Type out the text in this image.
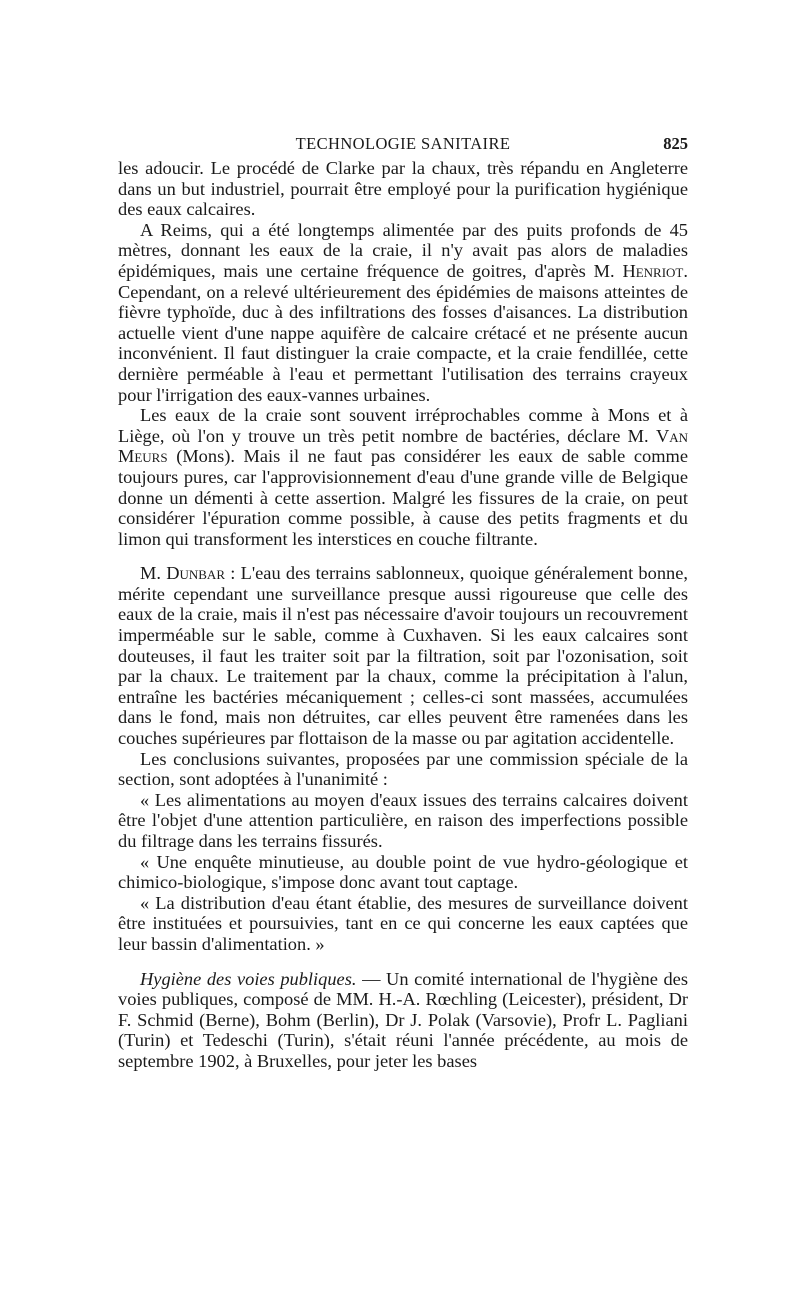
TECHNOLOGIE SANITAIRE	825

les adoucir. Le procédé de Clarke par la chaux, très répandu en Angleterre dans un but industriel, pourrait être employé pour la purification hygiénique des eaux calcaires.

A Reims, qui a été longtemps alimentée par des puits profonds de 45 mètres, donnant les eaux de la craie, il n'y avait pas alors de maladies épidémiques, mais une certaine fréquence de goitres, d'après M. Henriot. Cependant, on a relevé ultérieurement des épidémies de maisons atteintes de fièvre typhoïde, duc à des infiltrations des fosses d'aisances. La distribution actuelle vient d'une nappe aquifère de calcaire crétacé et ne présente aucun inconvénient. Il faut distinguer la craie compacte, et la craie fendillée, cette dernière perméable à l'eau et permettant l'utilisation des terrains crayeux pour l'irrigation des eaux-vannes urbaines.

Les eaux de la craie sont souvent irréprochables comme à Mons et à Liège, où l'on y trouve un très petit nombre de bactéries, déclare M. Van Meurs (Mons). Mais il ne faut pas considérer les eaux de sable comme toujours pures, car l'approvisionnement d'eau d'une grande ville de Belgique donne un démenti à cette assertion. Malgré les fissures de la craie, on peut considérer l'épuration comme possible, à cause des petits fragments et du limon qui transforment les interstices en couche filtrante.

M. Dunbar : L'eau des terrains sablonneux, quoique généralement bonne, mérite cependant une surveillance presque aussi rigoureuse que celle des eaux de la craie, mais il n'est pas nécessaire d'avoir toujours un recouvrement imperméable sur le sable, comme à Cuxhaven. Si les eaux calcaires sont douteuses, il faut les traiter soit par la filtration, soit par l'ozonisation, soit par la chaux. Le traitement par la chaux, comme la précipitation à l'alun, entraîne les bactéries mécaniquement ; celles-ci sont massées, accumulées dans le fond, mais non détruites, car elles peuvent être ramenées dans les couches supérieures par flottaison de la masse ou par agitation accidentelle.

Les conclusions suivantes, proposées par une commission spéciale de la section, sont adoptées à l'unanimité :

« Les alimentations au moyen d'eaux issues des terrains calcaires doivent être l'objet d'une attention particulière, en raison des imperfections possible du filtrage dans les terrains fissurés.

« Une enquête minutieuse, au double point de vue hydro-géologique et chimico-biologique, s'impose donc avant tout captage.

« La distribution d'eau étant établie, des mesures de surveillance doivent être instituées et poursuivies, tant en ce qui concerne les eaux captées que leur bassin d'alimentation. »

Hygiène des voies publiques. — Un comité international de l'hygiène des voies publiques, composé de MM. H.-A. Rœchling (Leicester), président, Dr F. Schmid (Berne), Bohm (Berlin), Dr J. Polak (Varsovie), Profr L. Pagliani (Turin) et Tedeschi (Turin), s'était réuni l'année précédente, au mois de septembre 1902, à Bruxelles, pour jeter les bases
